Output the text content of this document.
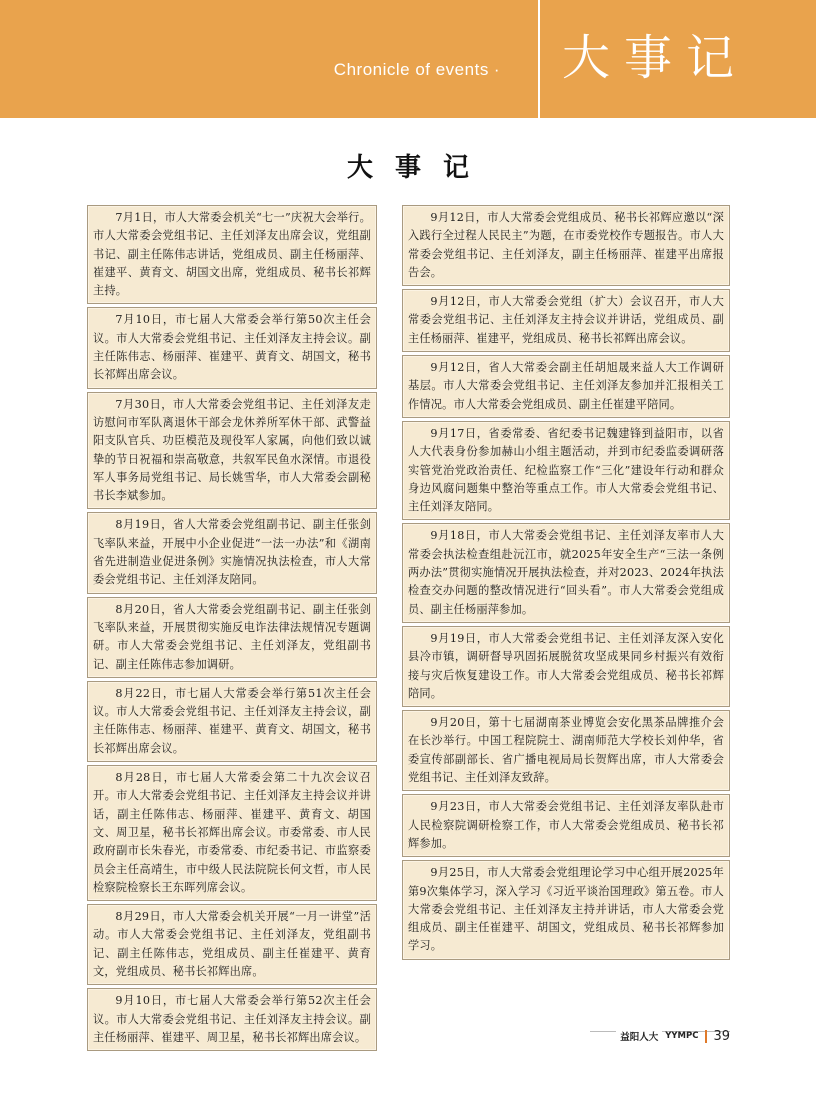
Chronicle of events · 大事记
大事记
7月1日，市人大常委会机关“七一”庆祝大会举行。市人大常委会党组书记、主任刘泽友出席会议，党组副书记、副主任陈伟志讲话，党组成员、副主任杨丽萍、崔建平、黄育文、胡国文出席，党组成员、秘书长祁辉主持。
7月10日，市七届人大常委会举行第50次主任会议。市人大常委会党组书记、主任刘泽友主持会议。副主任陈伟志、杨丽萍、崔建平、黄育文、胡国文，秘书长祁辉出席会议。
7月30日，市人大常委会党组书记、主任刘泽友走访慰问市军队离退休干部会龙休养所军休干部、武警益阳支队官兵、功臣模范及现役军人家属，向他们致以诚挚的节日祝福和崇高敬意，共叙军民鱼水深情。市退役军人事务局党组书记、局长姚雪华，市人大常委会副秘书长李斌参加。
8月19日，省人大常委会党组副书记、副主任张剑飞率队来益，开展中小企业促进“一法一办法”和《湖南省先进制造业促进条例》实施情况执法检查，市人大常委会党组书记、主任刘泽友陪同。
8月20日，省人大常委会党组副书记、副主任张剑飞率队来益，开展贯彻实施反电诈法律法规情况专题调研。市人大常委会党组书记、主任刘泽友，党组副书记、副主任陈伟志参加调研。
8月22日，市七届人大常委会举行第51次主任会议。市人大常委会党组书记、主任刘泽友主持会议，副主任陈伟志、杨丽萍、崔建平、黄育文、胡国文，秘书长祁辉出席会议。
8月28日，市七届人大常委会第二十九次会议召开。市人大常委会党组书记、主任刘泽友主持会议并讲话，副主任陈伟志、杨丽萍、崔建平、黄育文、胡国文、周卫星，秘书长祁辉出席会议。市委常委、市人民政府副市长朱春光，市委常委、市纪委书记、市监察委员会主任高靖生，市中级人民法院院长何文哲，市人民检察院检察长王东晖列席会议。
8月29日，市人大常委会机关开展“一月一讲堂”活动。市人大常委会党组书记、主任刘泽友，党组副书记、副主任陈伟志，党组成员、副主任崔建平、黄育文，党组成员、秘书长祁辉出席。
9月10日，市七届人大常委会举行第52次主任会议。市人大常委会党组书记、主任刘泽友主持会议。副主任杨丽萍、崔建平、周卫星，秘书长祁辉出席会议。
9月12日，市人大常委会党组成员、秘书长祁辉应邀以“深入践行全过程人民民主”为题，在市委党校作专题报告。市人大常委会党组书记、主任刘泽友，副主任杨丽萍、崔建平出席报告会。
9月12日，市人大常委会党组（扩大）会议召开，市人大常委会党组书记、主任刘泽友主持会议并讲话，党组成员、副主任杨丽萍、崔建平，党组成员、秘书长祁辉出席会议。
9月12日，省人大常委会副主任胡旭晟来益人大工作调研基层。市人大常委会党组书记、主任刘泽友参加并汇报相关工作情况。市人大常委会党组成员、副主任崔建平陪同。
9月17日，省委常委、省纪委书记魏建锋到益阳市，以省人大代表身份参加赫山小组主题活动，并到市纪委监委调研落实管党治党政治责任、纪检监察工作“三化”建设年行动和群众身边风腐问题集中整治等重点工作。市人大常委会党组书记、主任刘泽友陪同。
9月18日，市人大常委会党组书记、主任刘泽友率市人大常委会执法检查组赴沅江市，就2025年安全生产“三法一条例两办法”贯彻实施情况开展执法检查，并对2023、2024年执法检查交办问题的整改情况进行“回头看”。市人大常委会党组成员、副主任杨丽萍参加。
9月19日，市人大常委会党组书记、主任刘泽友深入安化县冷市镇，调研督导巩固拓展脱贫攻坚成果同乡村振兴有效衔接与灾后恢复建设工作。市人大常委会党组成员、秘书长祁辉陪同。
9月20日，第十七届湖南茶业博览会安化黑茶品牌推介会在长沙举行。中国工程院院士、湖南师范大学校长刘仲华，省委宣传部副部长、省广播电视局局长贺辉出席，市人大常委会党组书记、主任刘泽友致辞。
9月23日，市人大常委会党组书记、主任刘泽友率队赴市人民检察院调研检察工作，市人大常委会党组成员、秘书长祁辉参加。
9月25日，市人大常委会党组理论学习中心组开展2025年第9次集体学习，深入学习《习近平谈治国理政》第五卷。市人大常委会党组书记、主任刘泽友主持并讲话，市人大常委会党组成员、副主任崔建平、胡国文，党组成员、秘书长祁辉参加学习。
益阳人大 YYMPC 39
